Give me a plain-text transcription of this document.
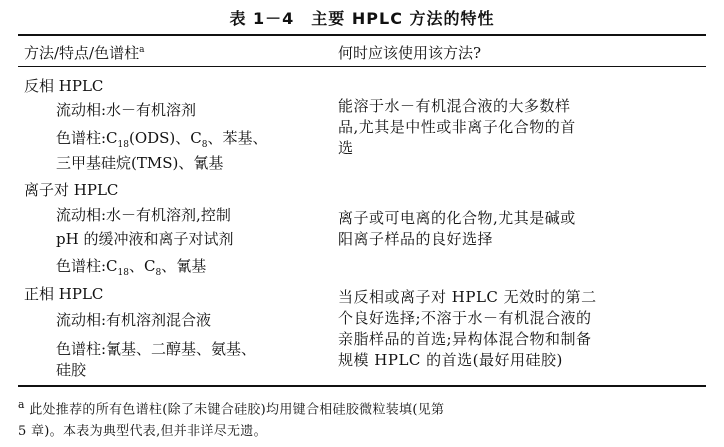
表 1－4　主要 HPLC 方法的特性
方法/特点/色谱柱$^a$	何时应该使用该方法?
反相 HPLC
流动相:水－有机溶剂
色谱柱$:C_{18}(ODS)$、$C_8$、苯基、
三甲基硅烷(TMS)、氰基
能溶于水－有机混合液的大多数样
品,尤其是中性或非离子化合物的首
选
离子对 HPLC
流动相:水－有机溶剂,控制
pH 的缓冲液和离子对试剂
色谱柱$:C_{18}$、$C_8$、氰基
离子或可电离的化合物,尤其是碱或
阳离子样品的良好选择
正相 HPLC
流动相:有机溶剂混合液
色谱柱:氰基、二醇基、氨基、
硅胶
当反相或离子对 HPLC 无效时的第二
个良好选择;不溶于水－有机混合液的
亲脂样品的首选;异构体混合物和制备
规模 HPLC 的首选(最好用硅胶)
$^a$ 此处推荐的所有色谱柱(除了未键合硅胶)均用键合相硅胶微粒装填(见第
5 章)。本表为典型代表,但并非详尽无遗。
